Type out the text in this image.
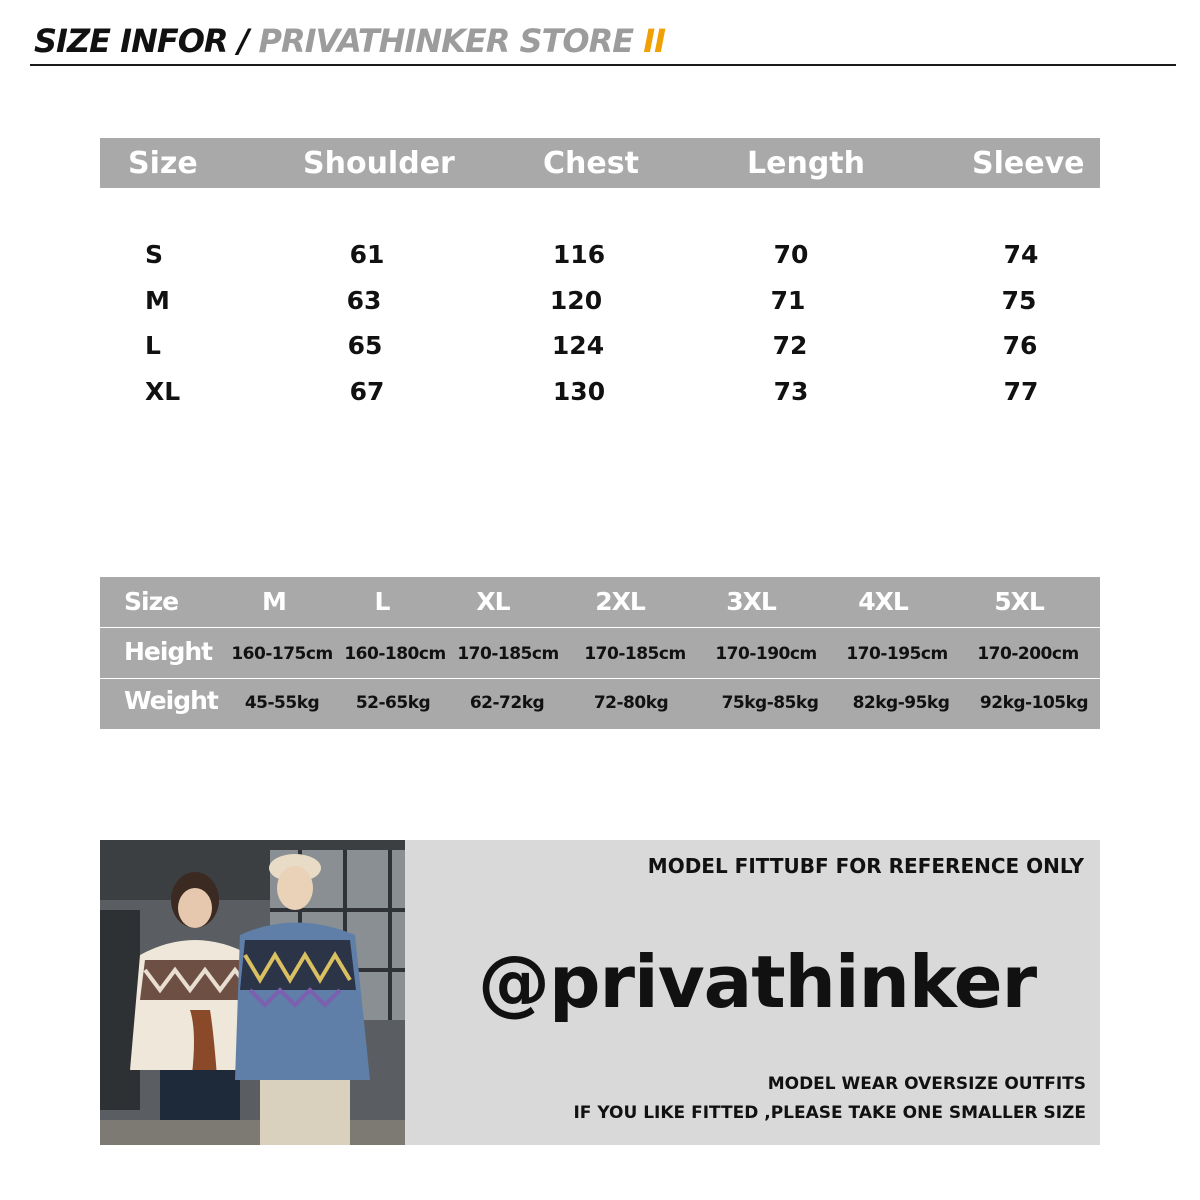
SIZE INFOR / PRIVATHINKER STORE II
Size	Shoulder	Chest	Length	Sleeve
S	61	116	70	74
M	63	120	71	75
L	65	124	72	76
XL	67	130	73	77
Size	M	L	XL	2XL	3XL	4XL	5XL
Height 160-175cm 160-180cm 170-185cm 170-185cm 170-190cm 170-195cm 170-200cm
Weight 45-55kg 52-65kg 62-72kg	72-80kg	75kg-85kg 82kg-95kg 92kg-105kg
MODEL FITTUBF FOR REFERENCE ONLY
@privathinker
MODEL WEAR OVERSIZE OUTFITS
IF YOU LIKE FITTED ,PLEASE TAKE ONE SMALLER SIZE
